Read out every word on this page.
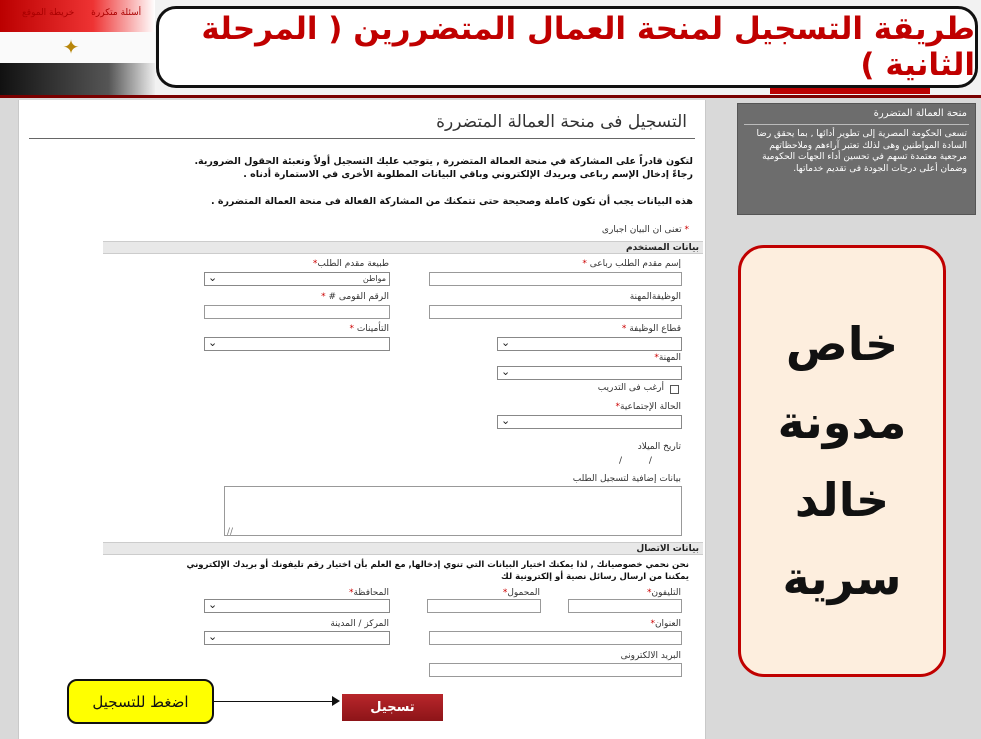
✦
أسئلة متكررة خريطة الموقع	طريقة التسجيل لمنحة العمال المتضررين ( المرحلة الثانية )
التسجيل فى منحة العمالة المتضررة
لتكون قادراً على المشاركة في منحة العمالة المتضررة , يتوجب عليك التسجيل أولاً وتعبئة الحقول الضرورية.
رجاءً إدخال الإسم رباعى وبريدك الإلكتروني وباقي البيانات المطلوبة الأخرى في الاستمارة أدناه .
هذه البيانات يجب أن تكون كاملة وصحيحة حتى تتمكنك من المشاركة الفعالة فى منحة العمالة المتضررة .
* تعنى ان البيان اجبارى
بيانات المستخدم
إسم مقدم الطلب رباعى *
طبيعة مقدم الطلب*
⌄	مواطن
الوظيفةالمهنة
الرقم القومى # *
قطاع الوظيفة *
⌄
التأمينات *
⌄
المهنة*
⌄
أرغب فى التدريب
الحالة الإجتماعية*
⌄
تاريخ الميلاد
/ /
بيانات إضافية لتسجيل الطلب
∕∕
بيانات الاتصال
نحن نحمي خصوصيانك , لذا يمكنك اختيار البيانات التي تنوي إدخالها, مع العلم بأن اختيار رقم تليفونك أو بريدك الإلكتروني
يمكننا من ارسال رسائل نصية أو إلكترونية لك
التليفون*
المحمول*
المحافظة*
⌄
العنوان*
المركز / المدينة
⌄
البريد الالكترونى
تسجيل
منحة العمالة المتضررة
تسعى الحكومة المصرية إلى تطوير أدائها , بما يحقق رضا السادة المواطنين وهى لذلك تعتبر آراءهم وملاحظاتهم مرجعية معتمدة تسهم في تحسين أداء الجهات الحكومية وضمان أعلى درجات الجودة فى تقديم خدماتها.
خاص
مدونة
خالد
سرية
اضغط للتسجيل
